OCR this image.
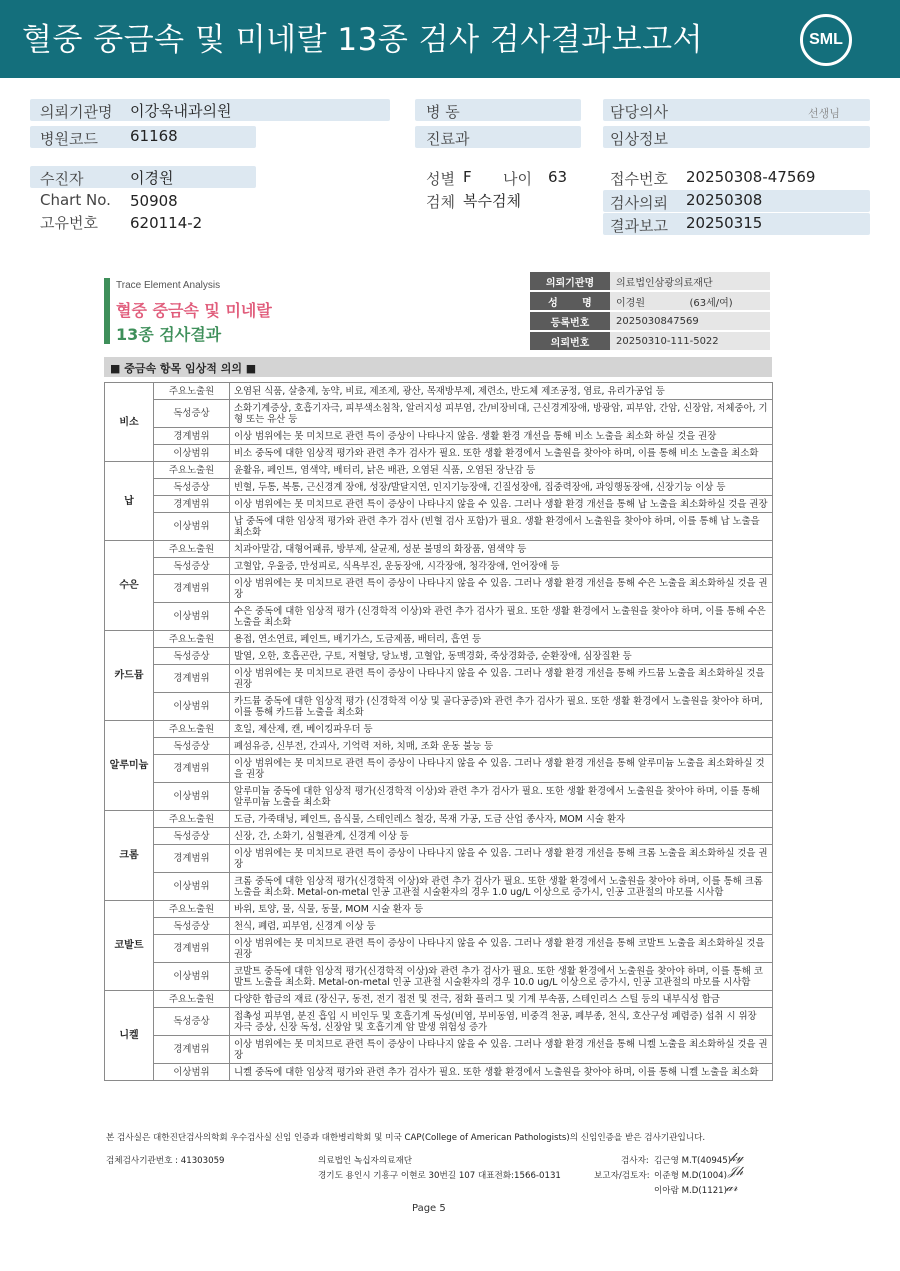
혈중 중금속 및 미네랄 13종 검사 검사결과보고서	SML
의뢰기관명 이강욱내과의원
병원코드 61168
병 동
진료과
담당의사	선생님
임상정보
수진자	이경원
Chart No. 50908
고유번호 620114-2
성별 F 나이 63
검체 복수검체
접수번호 20250308-47569
검사의뢰 20250308
결과보고 20250315
Trace Element Analysis
혈중 중금속 및 미네랄
13종 검사결과
의뢰기관명	의료법인삼광의료재단
성       명	이경원              (63세/여)
등록번호	2025030847569
의뢰번호	20250310-111-5022
■ 중금속 항목 임상적 의의 ■
비소	주요노출원	오염된 식품, 살충제, 농약, 비료, 제조제, 광산, 목재방부제, 제련소, 반도체 제조공정, 염료, 유리가공업 등
	독성증상	소화기계증상, 호흡기자극, 피부색소침착, 알러지성 피부염, 간/비장비대, 근신경계장애, 방광암, 피부암, 간암, 신장암, 저체중아, 기형 또는 유산 등
	경계범위	이상 범위에는 못 미치므로 관련 특이 증상이 나타나지 않음. 생활 환경 개선을 통해 비소 노출을 최소화 하실 것을 권장
	이상범위	비소 중독에 대한 임상적 평가와 관련 추가 검사가 필요. 또한 생활 환경에서 노출원을 찾아야 하며, 이를 통해 비소 노출을 최소화
납	주요노출원	윤활유, 페인트, 염색약, 배터리, 낡은 배관, 오염된 식품, 오염된 장난감 등
	독성증상	빈혈, 두통, 복통, 근신경계 장애, 성장/발달지연, 인지기능장애, 긴질성장애, 집중력장애, 과잉행동장애, 신장기능 이상 등
	경계범위	이상 범위에는 못 미치므로 관련 특이 증상이 나타나지 않을 수 있음. 그러나 생활 환경 개선을 통해 납 노출을 최소화하실 것을 권장
	이상범위	납 중독에 대한 임상적 평가와 관련 추가 검사 (빈혈 검사 포함)가 필요. 생활 환경에서 노출원을 찾아야 하며, 이를 통해 납 노출을 최소화
수은	주요노출원	치과아말감, 대형어패류, 방부제, 살균제, 성분 불명의 화장품, 염색약 등
	독성증상	고혈압, 우울증, 만성피로, 식욕부진, 운동장애, 시각장애, 청각장애, 언어장애 등
	경계범위	이상 범위에는 못 미치므로 관련 특이 증상이 나타나지 않을 수 있음. 그러나 생활 환경 개선을 통해 수은 노출을 최소화하실 것을 권장
	이상범위	수은 중독에 대한 임상적 평가 (신경학적 이상)와 관련 추가 검사가 필요. 또한 생활 환경에서 노출원을 찾아야 하며, 이를 통해 수은 노출을 최소화
카드뮴	주요노출원	용접, 연소연료, 페인트, 배기가스, 도금제품, 배터리, 흡연 등
	독성증상	발열, 오한, 호흡곤란, 구토, 저혈당, 당뇨병, 고혈압, 동맥경화, 죽상경화증, 순환장애, 심장질환 등
	경계범위	이상 범위에는 못 미치므로 관련 특이 증상이 나타나지 않을 수 있음. 그러나 생활 환경 개선을 통해 카드뮴 노출을 최소화하실 것을 권장
	이상범위	카드뮴 중독에 대한 임상적 평가 (신경학적 이상 및 골다공증)와 관련 추가 검사가 필요. 또한 생활 환경에서 노출원을 찾아야 하며, 이를 통해 카드뮴 노출을 최소화
알루미늄	주요노출원	호일, 제산제, 캔, 베이킹파우더 등
	독성증상	폐섬유증, 신부전, 간괴사, 기억력 저하, 치매, 조화 운동 불능 등
	경계범위	이상 범위에는 못 미치므로 관련 특이 증상이 나타나지 않을 수 있음. 그러나 생활 환경 개선을 통해 알루미늄 노출을 최소화하실 것을 권장
	이상범위	알루미늄 중독에 대한 임상적 평가(신경학적 이상)와 관련 추가 검사가 필요. 또한 생활 환경에서 노출원을 찾아야 하며, 이를 통해 알루미늄 노출을 최소화
크롬	주요노출원	도금, 가죽태닝, 페인트, 음식물, 스테인레스 철강, 목재 가공, 도금 산업 종사자, MOM 시술 환자
	독성증상	신장, 간, 소화기, 심혈관계, 신경계 이상 등
	경계범위	이상 범위에는 못 미치므로 관련 특이 증상이 나타나지 않을 수 있음. 그러나 생활 환경 개선을 통해 크롬 노출을 최소화하실 것을 권장
	이상범위	크롬 중독에 대한 임상적 평가(신경학적 이상)와 관련 추가 검사가 필요. 또한 생활 환경에서 노출원을 찾아야 하며, 이를 통해 크롬 노출을 최소화. Metal-on-metal 인공 고관절 시술환자의 경우 1.0 ug/L 이상으로 증가시, 인공 고관절의 마모를 시사함
코발트	주요노출원	바위, 토양, 물, 식물, 동물, MOM 시술 환자 등
	독성증상	천식, 폐렴, 피부염, 신경계 이상 등
	경계범위	이상 범위에는 못 미치므로 관련 특이 증상이 나타나지 않을 수 있음. 그러나 생활 환경 개선을 통해 코발트 노출을 최소화하실 것을 권장
	이상범위	코발트 중독에 대한 임상적 평가(신경학적 이상)와 관련 추가 검사가 필요. 또한 생활 환경에서 노출원을 찾아야 하며, 이를 통해 코발트 노출을 최소화. Metal-on-metal 인공 고관절 시술환자의 경우 10.0 ug/L 이상으로 증가시, 인공 고관절의 마모를 시사함
니켈	주요노출원	다양한 합금의 재료 (장신구, 동전, 전기 접전 및 전극, 점화 플러그 및 기계 부속품, 스테인리스 스틸 등의 내부식성 합금
	독성증상	접촉성 피부염, 분진 흡입 시 비인두 및 호흡기계 독성(비염, 부비동염, 비중격 천공, 폐부종, 천식, 호산구성 폐렴증) 섭취 시 위장 자극 증상, 신장 독성, 신장암 및 호흡기계 암 발생 위험성 증가
	경계범위	이상 범위에는 못 미치므로 관련 특이 증상이 나타나지 않을 수 있음. 그러나 생활 환경 개선을 통해 니켈 노출을 최소화하실 것을 권장
	이상범위	니켈 중독에 대한 임상적 평가와 관련 추가 검사가 필요. 또한 생활 환경에서 노출원을 찾아야 하며, 이를 통해 니켈 노출을 최소화
본 검사실은 대한진단검사의학회 우수검사실 신임 인증과 대한병리학회 및 미국 CAP(College of American Pathologists)의 신임인증을 받은 검사기관입니다.
검체검사기관번호 : 41303059	의료법인 녹십자의료재단
경기도 용인시 기흥구 이현로 30번길 107 대표전화:1566-0131
검사자: 김근영 M.T(40945)
보고자/검토자: 이준형 M.D(1004)
이아람 M.D(1121)
𝓀𝓎
𝒥𝒽
𝒶𝓇
Page 5
